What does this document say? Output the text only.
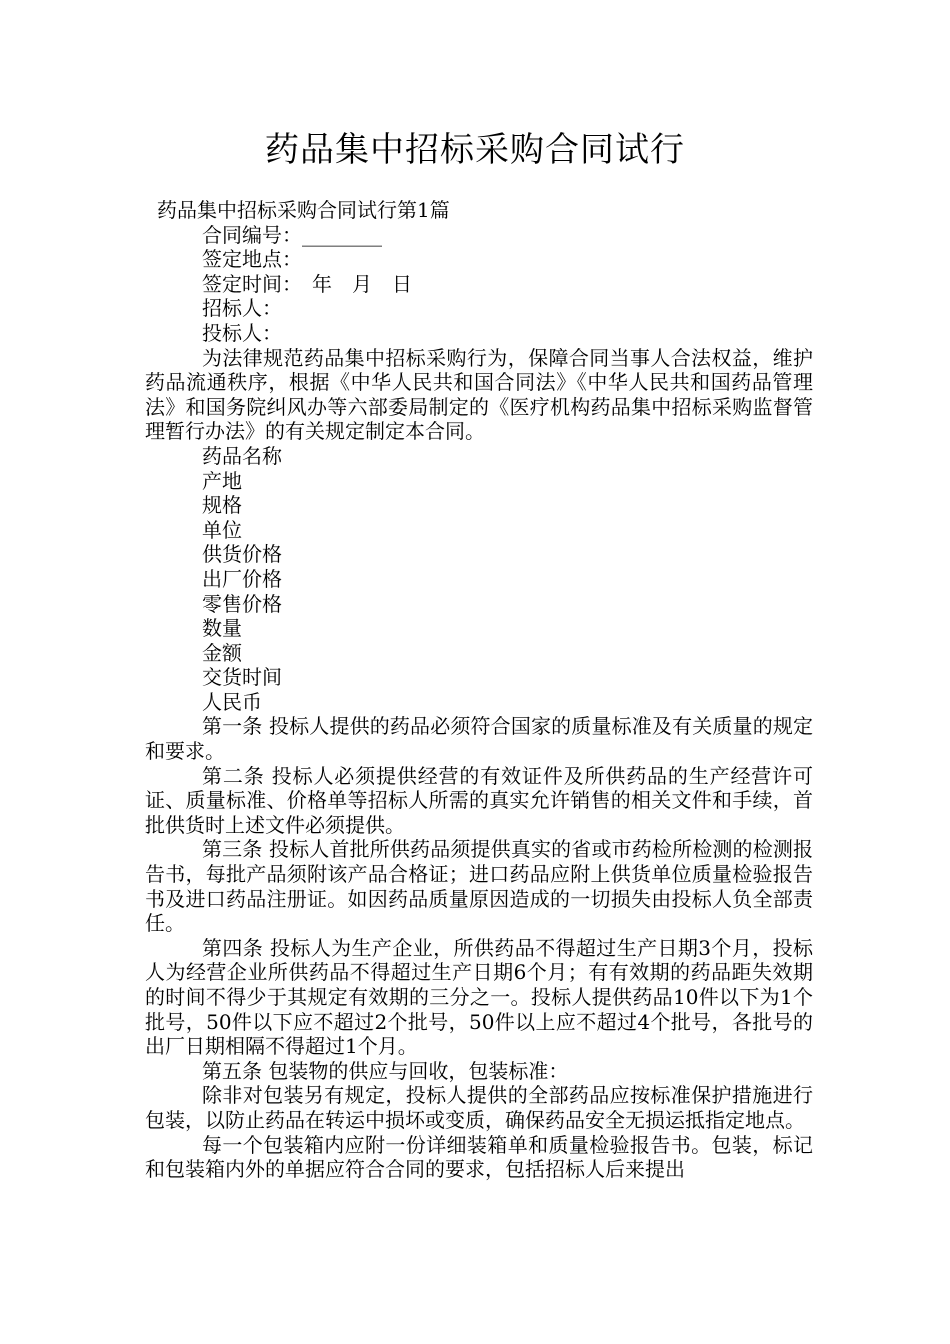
药品集中招标采购合同试行

药品集中招标采购合同试行第1篇

合同编号：________

签定地点：

签定时间：　年　月　日

招标人：

投标人：

为法律规范药品集中招标采购行为，保障合同当事人合法权益，维护药品流通秩序，根据《中华人民共和国合同法》《中华人民共和国药品管理法》和国务院纠风办等六部委局制定的《医疗机构药品集中招标采购监督管理暂行办法》的有关规定制定本合同。

药品名称

产地

规格

单位

供货价格

出厂价格

零售价格

数量

金额

交货时间

人民币

第一条 投标人提供的药品必须符合国家的质量标准及有关质量的规定和要求。

第二条 投标人必须提供经营的有效证件及所供药品的生产经营许可证、质量标准、价格单等招标人所需的真实允许销售的相关文件和手续，首批供货时上述文件必须提供。

第三条 投标人首批所供药品须提供真实的省或市药检所检测的检测报告书，每批产品须附该产品合格证；进口药品应附上供货单位质量检验报告书及进口药品注册证。如因药品质量原因造成的一切损失由投标人负全部责任。

第四条 投标人为生产企业，所供药品不得超过生产日期3个月，投标人为经营企业所供药品不得超过生产日期6个月；有有效期的药品距失效期的时间不得少于其规定有效期的三分之一。投标人提供药品10件以下为1个批号，50件以下应不超过2个批号，50件以上应不超过4个批号，各批号的出厂日期相隔不得超过1个月。

第五条 包装物的供应与回收，包装标准：

除非对包装另有规定，投标人提供的全部药品应按标准保护措施进行包装，以防止药品在转运中损坏或变质，确保药品安全无损运抵指定地点。

每一个包装箱内应附一份详细装箱单和质量检验报告书。包装，标记和包装箱内外的单据应符合合同的要求，包括招标人后来提出
